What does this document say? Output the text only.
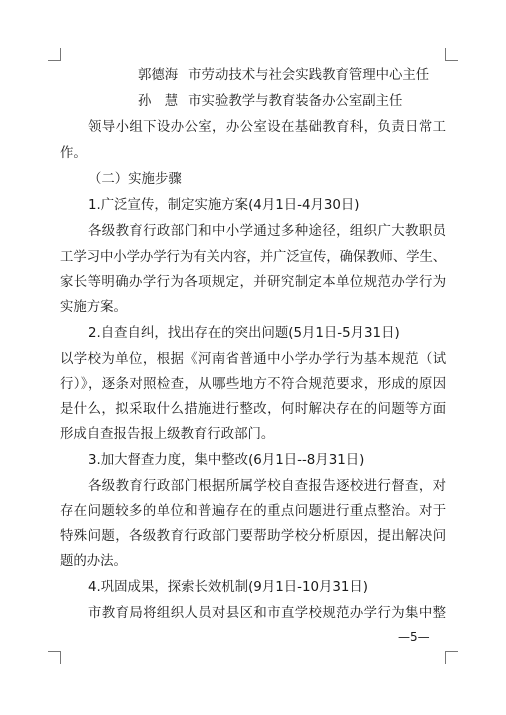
郭德海 市劳动技术与社会实践教育管理中心主任
孙　慧 市实验教学与教育装备办公室副主任
领导小组下设办公室，办公室设在基础教育科，负责日常工
作。
（二）实施步骤
1.广泛宣传，制定实施方案(4月1日-4月30日)
各级教育行政部门和中小学通过多种途径，组织广大教职员
工学习中小学办学行为有关内容，并广泛宣传，确保教师、学生、
家长等明确办学行为各项规定，并研究制定本单位规范办学行为
实施方案。
2.自查自纠，找出存在的突出问题(5月1日-5月31日)
以学校为单位，根据《河南省普通中小学办学行为基本规范（试
行）》，逐条对照检查，从哪些地方不符合规范要求，形成的原因
是什么，拟采取什么措施进行整改，何时解决存在的问题等方面
形成自查报告报上级教育行政部门。
3.加大督查力度，集中整改(6月1日--8月31日)
各级教育行政部门根据所属学校自查报告逐校进行督查，对
存在问题较多的单位和普遍存在的重点问题进行重点整治。对于
特殊问题，各级教育行政部门要帮助学校分析原因，提出解决问
题的办法。
4.巩固成果，探索长效机制(9月1日-10月31日)
市教育局将组织人员对县区和市直学校规范办学行为集中整
—5—
